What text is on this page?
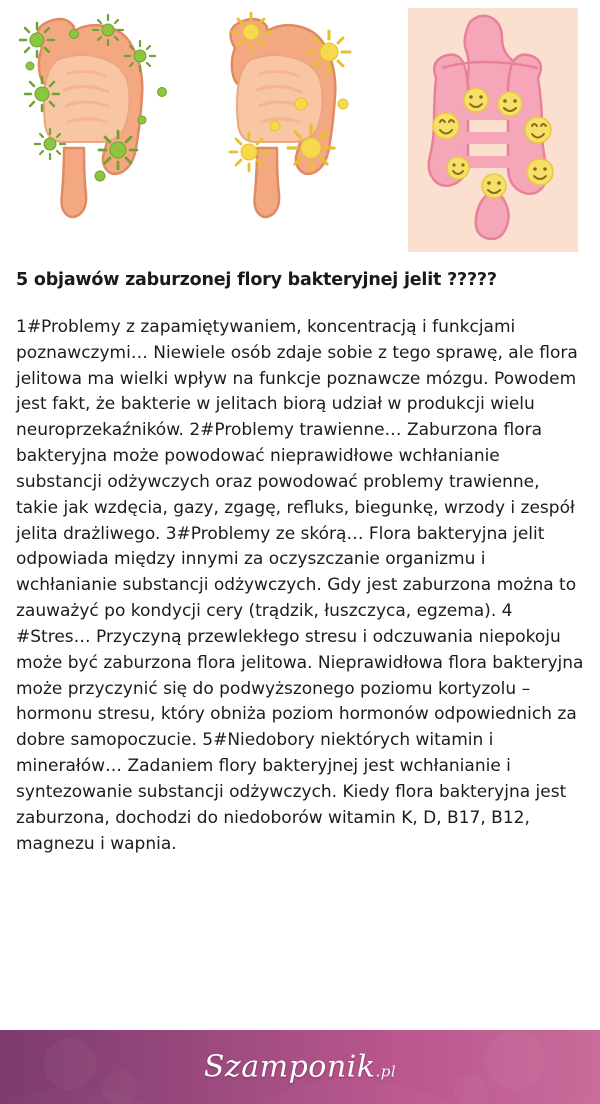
5 objawów zaburzonej flory bakteryjnej jelit ?????

1#Problemy z zapamiętywaniem, koncentracją i funkcjami poznawczymi… Niewiele osób zdaje sobie z tego sprawę, ale flora jelitowa ma wielki wpływ na funkcje poznawcze mózgu. Powodem jest fakt, że bakterie w jelitach biorą udział w produkcji wielu neuroprzekaźników. 2#Problemy trawienne… Zaburzona flora bakteryjna może powodować nieprawidłowe wchłanianie substancji odżywczych oraz powodować problemy trawienne, takie jak wzdęcia, gazy, zgagę, refluks, biegunkę, wrzody i zespół jelita drażliwego. 3#Problemy ze skórą… Flora bakteryjna jelit odpowiada między innymi za oczyszczanie organizmu i wchłanianie substancji odżywczych. Gdy jest zaburzona można to zauważyć po kondycji cery (trądzik, łuszczyca, egzema). 4 #Stres… Przyczyną przewlekłego stresu i odczuwania niepokoju może być zaburzona flora jelitowa. Nieprawidłowa flora bakteryjna może przyczynić się do podwyższonego poziomu kortyzolu – hormonu stresu, który obniża poziom hormonów odpowiednich za dobre samopoczucie. 5#Niedobory niektórych witamin i minerałów… Zadaniem flory bakteryjnej jest wchłanianie i syntezowanie substancji odżywczych. Kiedy flora bakteryjna jest zaburzona, dochodzi do niedoborów witamin K, D, B17, B12, magnezu i wapnia.

Szamponik.pl
